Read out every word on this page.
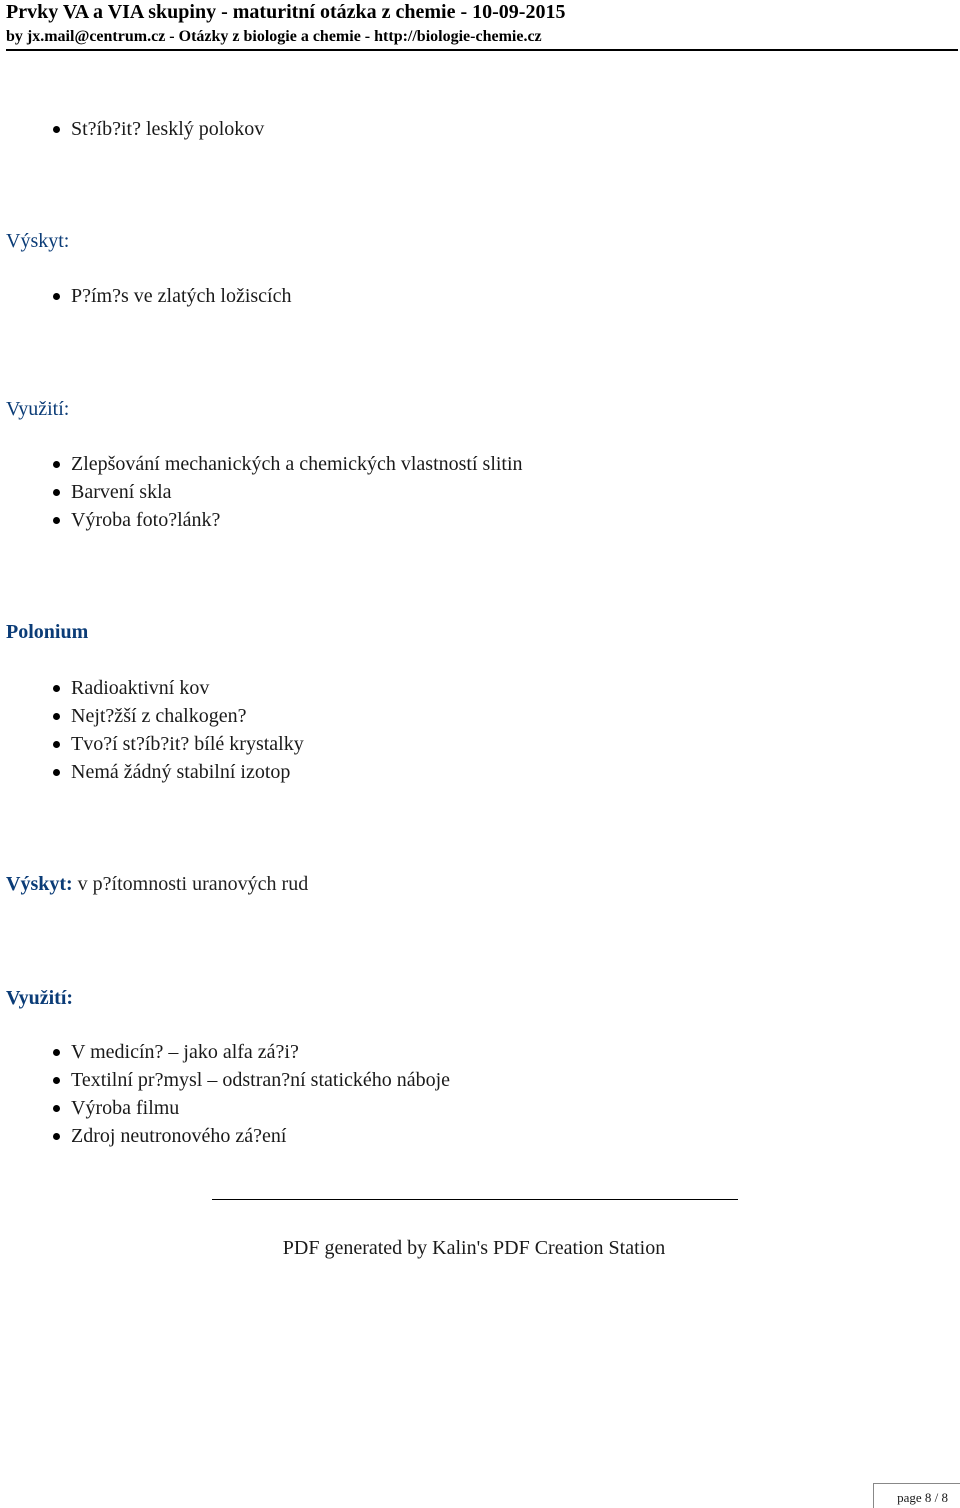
Prvky VA a VIA skupiny - maturitní otázka z chemie - 10-09-2015
by jx.mail@centrum.cz - Otázky z biologie a chemie - http://biologie-chemie.cz
St?íb?it? lesklý polokov
Výskyt:
P?ím?s ve zlatých ložiscích
Využití:
Zlepšování mechanických a chemických vlastností slitin
Barvení skla
Výroba foto?lánk?
Polonium
Radioaktivní kov
Nejt?žší z chalkogen?
Tvo?í st?íb?it? bílé krystalky
Nemá žádný stabilní izotop
Výskyt: v p?ítomnosti uranových rud
Využití:
V medicín? – jako alfa zá?i?
Textilní pr?mysl – odstran?ní statického náboje
Výroba filmu
Zdroj neutronového zá?ení
PDF generated by Kalin's PDF Creation Station
page 8 / 8
